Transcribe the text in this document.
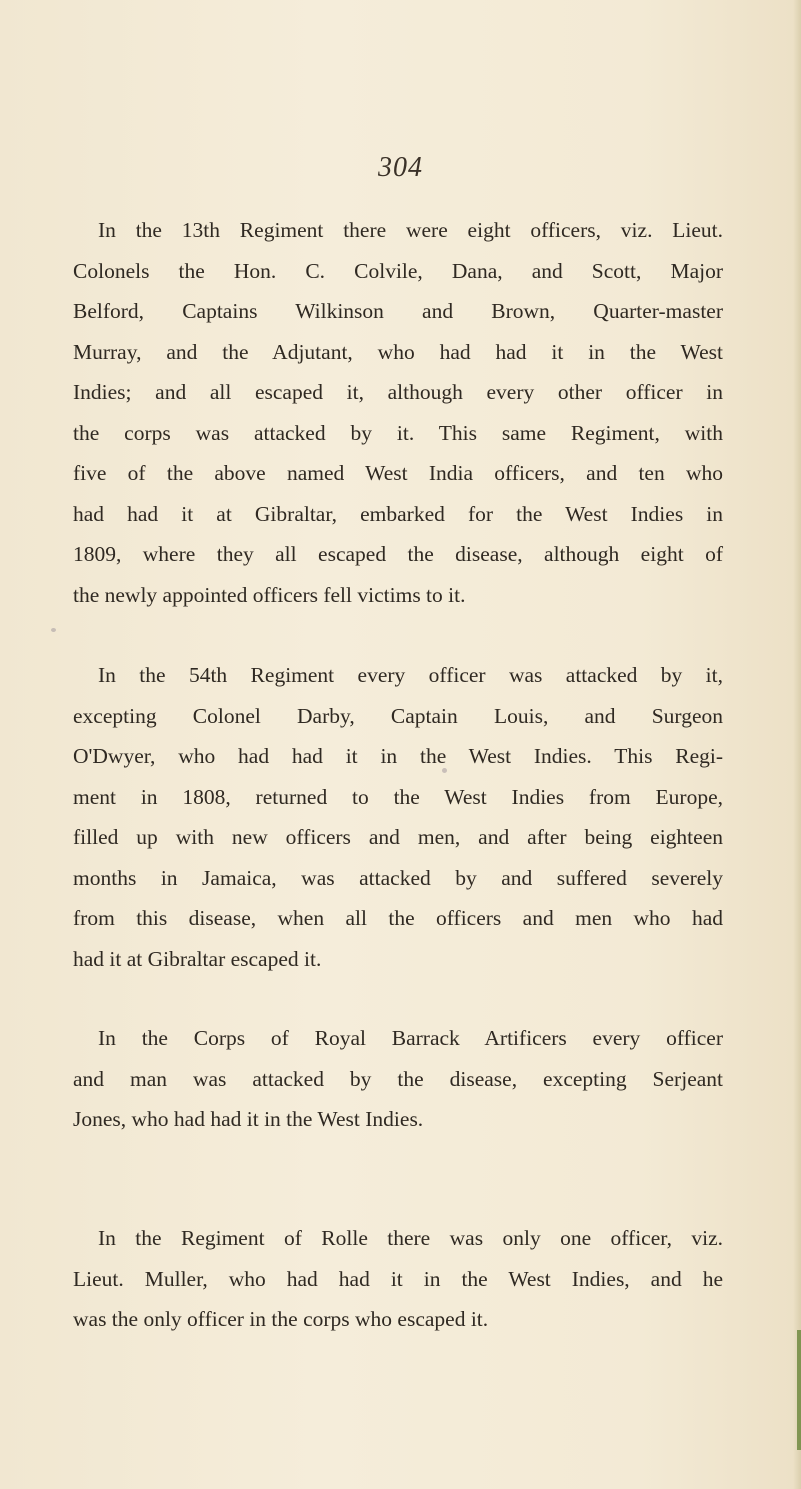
304
In the 13th Regiment there were eight officers, viz. Lieut.
Colonels the Hon. C. Colvile, Dana, and Scott, Major
Belford, Captains Wilkinson and Brown, Quarter-master
Murray, and the Adjutant, who had had it in the West
Indies; and all escaped it, although every other officer in
the corps was attacked by it. This same Regiment, with
five of the above named West India officers, and ten who
had had it at Gibraltar, embarked for the West Indies in
1809, where they all escaped the disease, although eight of
the newly appointed officers fell victims to it.
In the 54th Regiment every officer was attacked by it,
excepting Colonel Darby, Captain Louis, and Surgeon
O'Dwyer, who had had it in the West Indies. This Regi-
ment in 1808, returned to the West Indies from Europe,
filled up with new officers and men, and after being eighteen
months in Jamaica, was attacked by and suffered severely
from this disease, when all the officers and men who had
had it at Gibraltar escaped it.
In the Corps of Royal Barrack Artificers every officer
and man was attacked by the disease, excepting Serjeant
Jones, who had had it in the West Indies.
In the Regiment of Rolle there was only one officer, viz.
Lieut. Muller, who had had it in the West Indies, and he
was the only officer in the corps who escaped it.
